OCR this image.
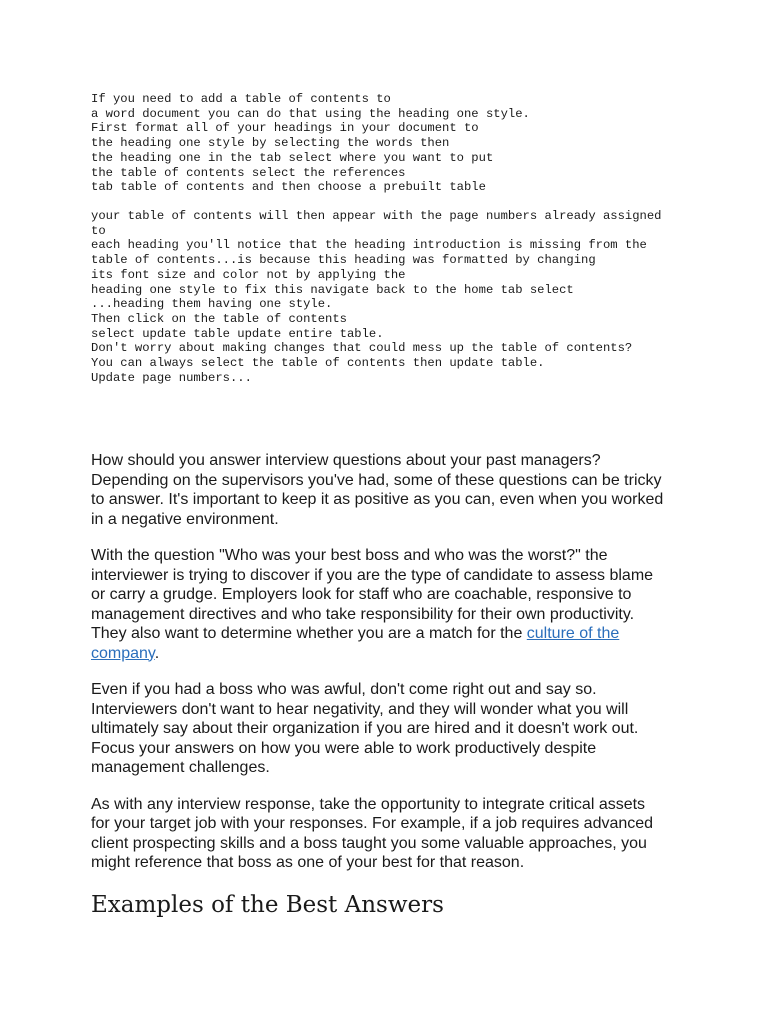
If you need to add a table of contents to
a word document you can do that using the heading one style.
First format all of your headings in your document to
the heading one style by selecting the words then
the heading one in the tab select where you want to put
the table of contents select the references
tab table of contents and then choose a prebuilt table
your table of contents will then appear with the page numbers already assigned
to
each heading you'll notice that the heading introduction is missing from the
table of contents...is because this heading was formatted by changing
its font size and color not by applying the
heading one style to fix this navigate back to the home tab select
...heading them having one style.
Then click on the table of contents
select update table update entire table.
Don't worry about making changes that could mess up the table of contents?
You can always select the table of contents then update table.
Update page numbers...

How should you answer interview questions about your past managers?
Depending on the supervisors you've had, some of these questions can be tricky
to answer. It's important to keep it as positive as you can, even when you worked
in a negative environment.

With the question "Who was your best boss and who was the worst?" the
interviewer is trying to discover if you are the type of candidate to assess blame
or carry a grudge. Employers look for staff who are coachable, responsive to
management directives and who take responsibility for their own productivity.
They also want to determine whether you are a match for the culture of the
company.

Even if you had a boss who was awful, don't come right out and say so.
Interviewers don't want to hear negativity, and they will wonder what you will
ultimately say about their organization if you are hired and it doesn't work out.
Focus your answers on how you were able to work productively despite
management challenges.

As with any interview response, take the opportunity to integrate critical assets
for your target job with your responses. For example, if a job requires advanced
client prospecting skills and a boss taught you some valuable approaches, you
might reference that boss as one of your best for that reason.

Examples of the Best Answers
